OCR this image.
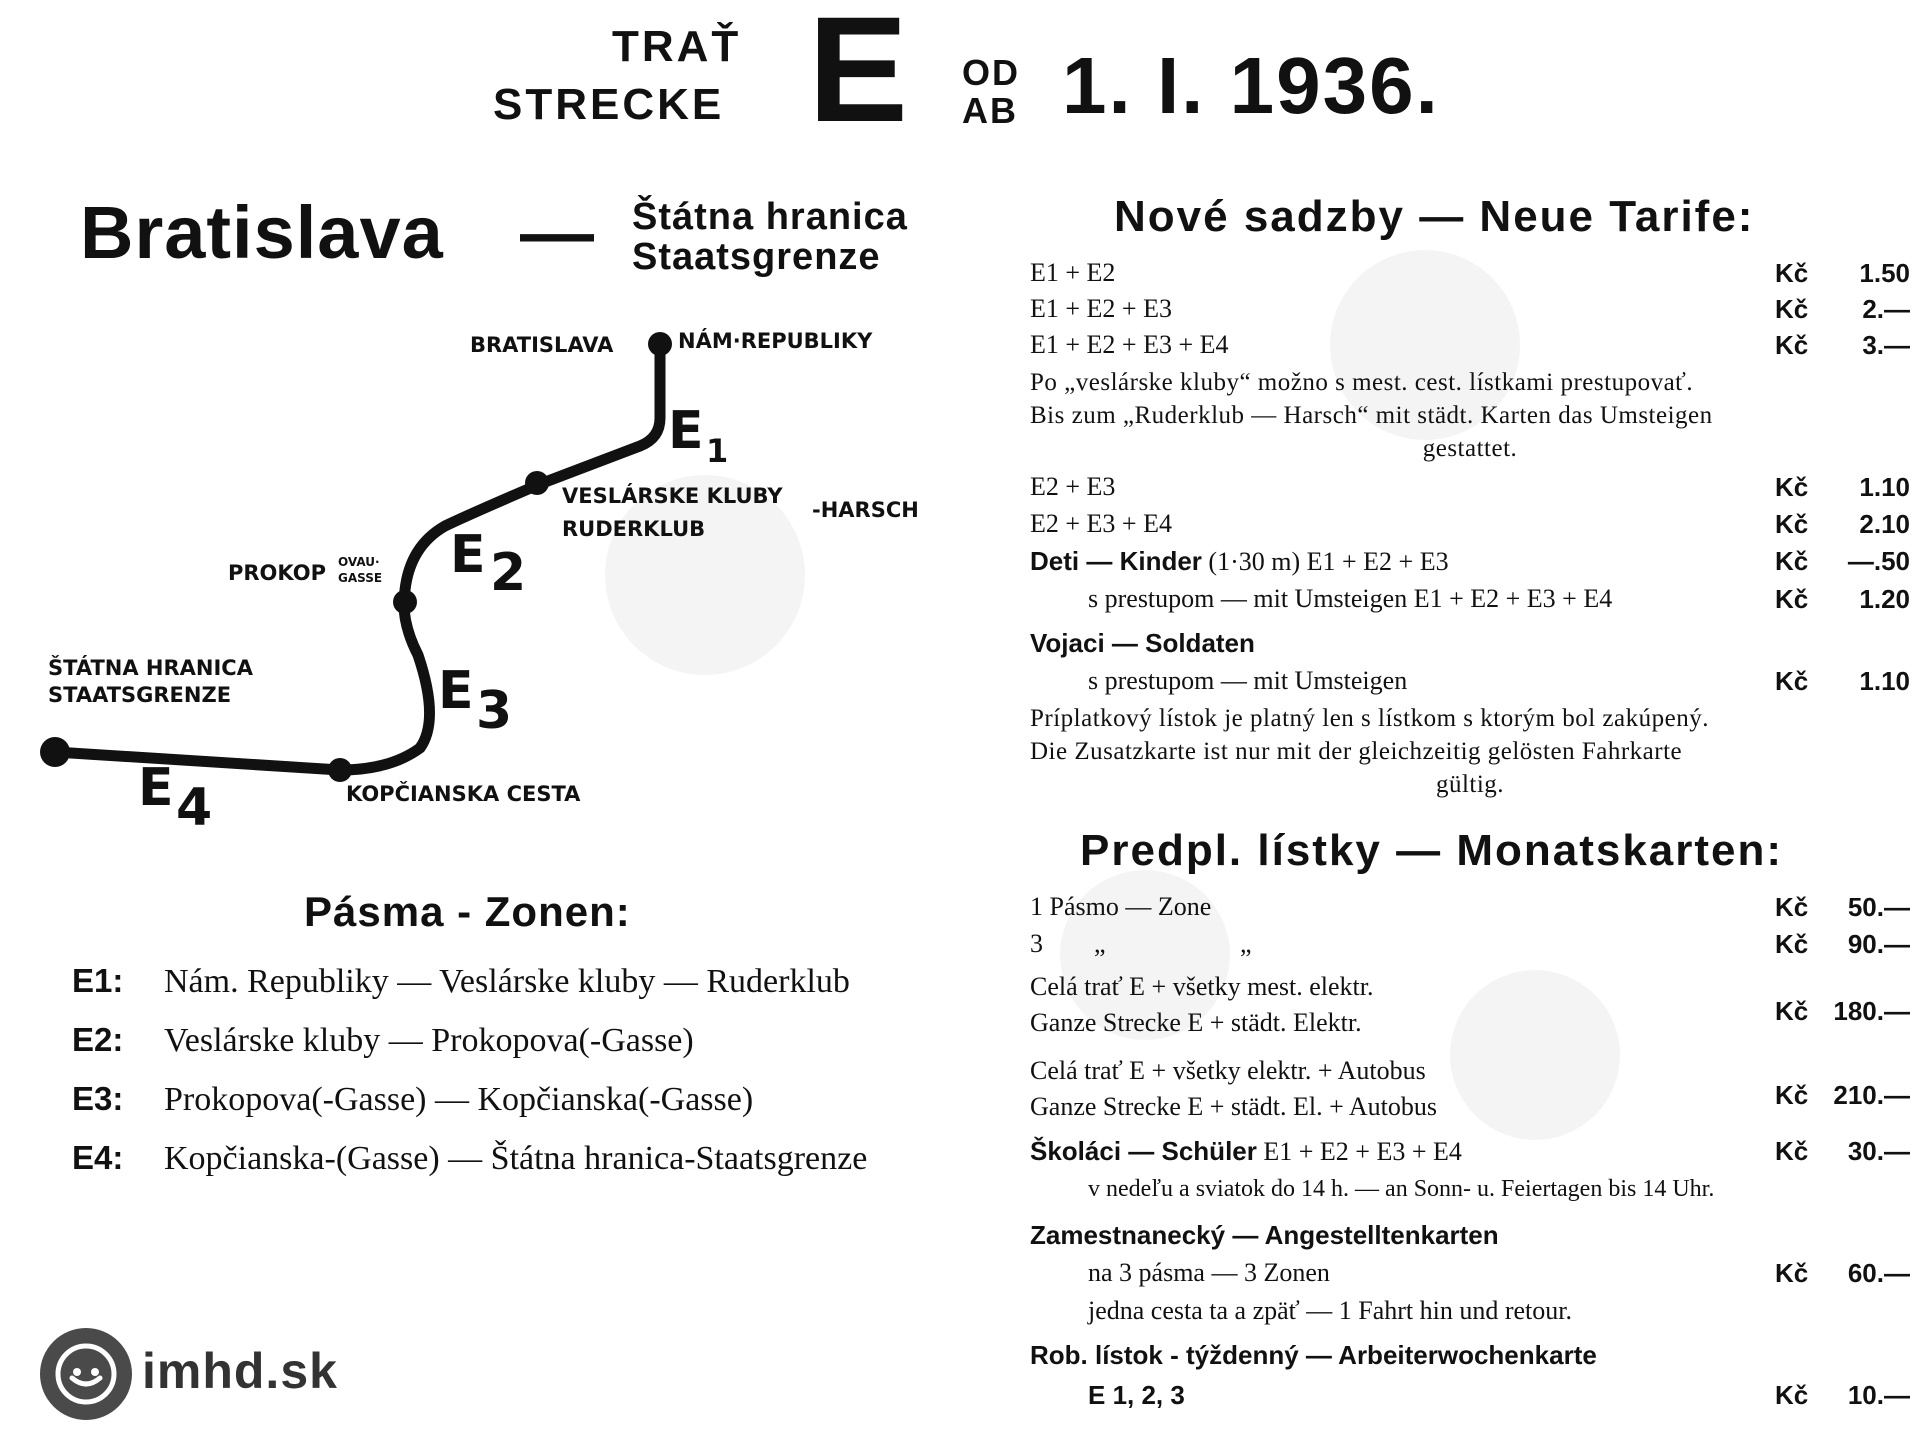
TRAŤ
STRECKE E OD
AB 1. I. 1936.
Bratislava — Štátna hranica
Staatsgrenze
BRATISLAVA	NÁM·REPUBLIKY
VESLÁRSKE KLUBY
RUDERKLUB
-HARSCH
PROKOP OVAU·
GASSE
ŠTÁTNA HRANICA
STAATSGRENZE
KOPČIANSKA CESTA
E 1
E 2
E 3
E 4
Pásma - Zonen:
E1: Nám. Republiky — Veslárske kluby — Ruderklub
E2: Veslárske kluby — Prokopova(-Gasse)
E3: Prokopova(-Gasse) — Kopčianska(-Gasse)
E4: Kopčianska-(Gasse) — Štátna hranica-Staatsgrenze
Nové sadzby — Neue Tarife:
E1 + E2	Kč 1.50
E1 + E2 + E3	Kč 2.—
E1 + E2 + E3 + E4	Kč 3.—
Po „veslárske kluby“ možno s mest. cest. lístkami prestupovať.
Bis zum „Ruderklub — Harsch“ mit städt. Karten das Umsteigen
gestattet.
E2 + E3	Kč 1.10
E2 + E3 + E4	Kč 2.10
Deti — Kinder (1·30 m) E1 + E2 + E3	Kč —.50
s prestupom — mit Umsteigen E1 + E2 + E3 + E4	Kč 1.20
Vojaci — Soldaten
s prestupom — mit Umsteigen	Kč 1.10
Príplatkový lístok je platný len s lístkom s ktorým bol zakúpený.
Die Zusatzkarte ist nur mit der gleichzeitig gelösten Fahrkarte
gültig.
Predpl. lístky — Monatskarten:
1 Pásmo — Zone	Kč 50.—
3 „	„	Kč 90.—
Celá trať E + všetky mest. elektr.
Ganze Strecke E + städt. Elektr.	Kč 180.—
Celá trať E + všetky elektr. + Autobus
Ganze Strecke E + städt. El. + Autobus	Kč 210.—
Školáci — Schüler E1 + E2 + E3 + E4	Kč 30.—
v nedeľu a sviatok do 14 h. — an Sonn- u. Feiertagen bis 14 Uhr.
Zamestnanecký — Angestelltenkarten
na 3 pásma — 3 Zonen	Kč 60.—
jedna cesta ta a zpäť — 1 Fahrt hin und retour.
Rob. lístok - týždenný — Arbeiterwochenkarte
E 1, 2, 3	Kč 10.—
imhd.sk
